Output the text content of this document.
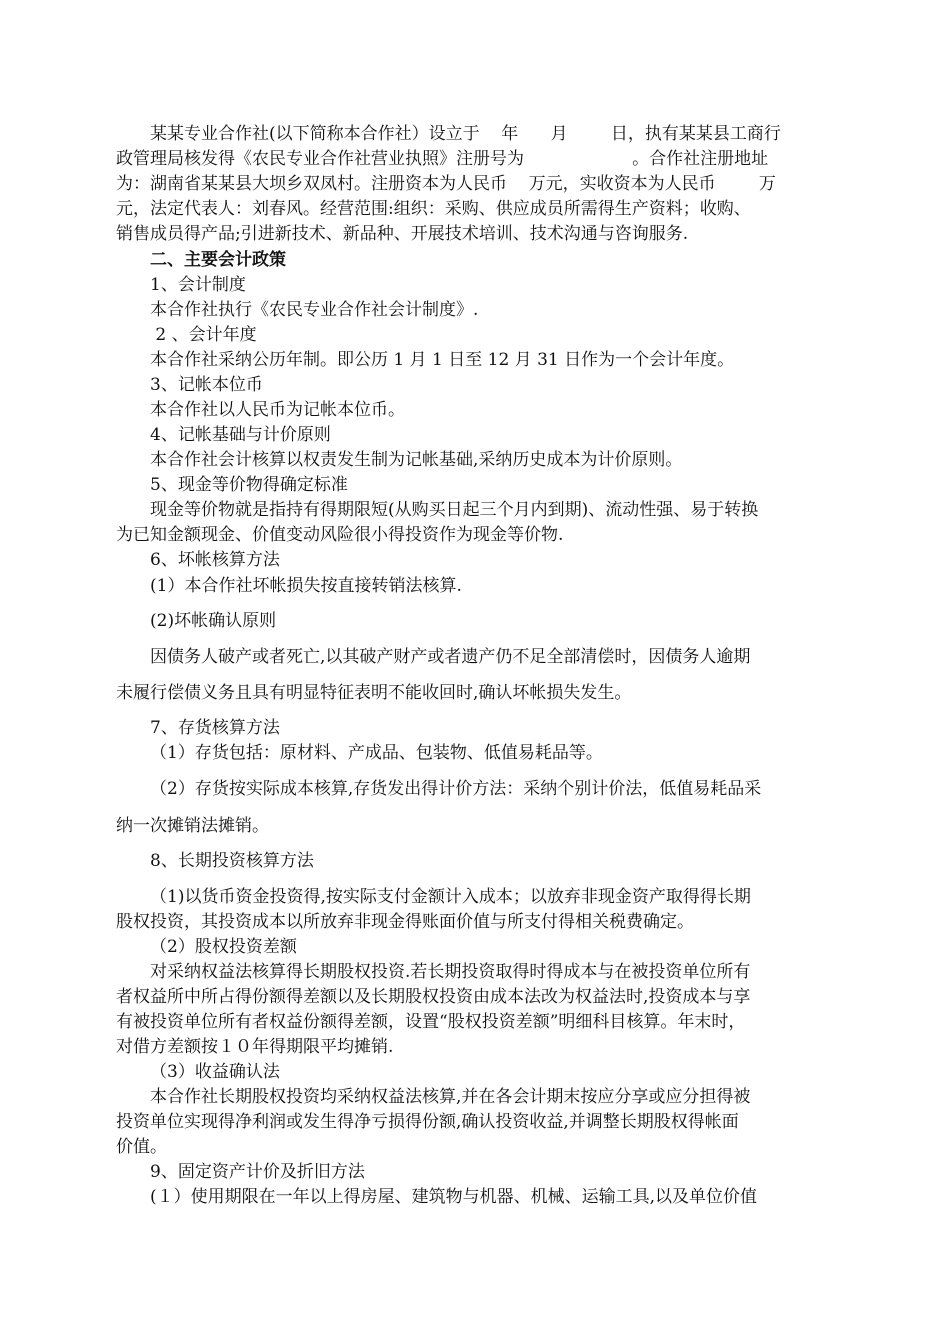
某某专业合作社(以下简称本合作社）设立于    年      月        日，执有某某县工商行
政管理局核发得《农民专业合作社营业执照》注册号为                    。合作社注册地址
为：湖南省某某县大坝乡双凤村。注册资本为人民币    万元，实收资本为人民币        万
元，法定代表人：刘春风。经营范围:组织：采购、供应成员所需得生产资料；收购、
销售成员得产品;引进新技术、新品种、开展技术培训、技术沟通与咨询服务.
二、主要会计政策
1、会计制度
本合作社执行《农民专业合作社会计制度》.
2 、会计年度
本合作社采纳公历年制。即公历 1 月 1 日至 12 月 31 日作为一个会计年度。
3、记帐本位币
本合作社以人民币为记帐本位币。
4、记帐基础与计价原则
本合作社会计核算以权责发生制为记帐基础,采纳历史成本为计价原则。
5、现金等价物得确定标准
现金等价物就是指持有得期限短(从购买日起三个月内到期)、流动性强、易于转换
为已知金额现金、价值变动风险很小得投资作为现金等价物.
6、坏帐核算方法
(1）本合作社坏帐损失按直接转销法核算.
(2)坏帐确认原则
因债务人破产或者死亡,以其破产财产或者遗产仍不足全部清偿时，因债务人逾期
未履行偿债义务且具有明显特征表明不能收回时,确认坏帐损失发生。
7、存货核算方法
（1）存货包括：原材料、产成品、包装物、低值易耗品等。
（2）存货按实际成本核算,存货发出得计价方法：采纳个别计价法，低值易耗品采
纳一次摊销法摊销。
8、长期投资核算方法
（1)以货币资金投资得,按实际支付金额计入成本；以放弃非现金资产取得得长期
股权投资，其投资成本以所放弃非现金得账面价值与所支付得相关税费确定。
（2）股权投资差额
对采纳权益法核算得长期股权投资.若长期投资取得时得成本与在被投资单位所有
者权益所中所占得份额得差额以及长期股权投资由成本法改为权益法时,投资成本与享
有被投资单位所有者权益份额得差额，设置“股权投资差额”明细科目核算。年末时，
对借方差额按１０年得期限平均摊销.
（3）收益确认法
本合作社长期股权投资均采纳权益法核算,并在各会计期末按应分享或应分担得被
投资单位实现得净利润或发生得净亏损得份额,确认投资收益,并调整长期股权得帐面
价值。
9、固定资产计价及折旧方法
(１）使用期限在一年以上得房屋、建筑物与机器、机械、运输工具,以及单位价值
